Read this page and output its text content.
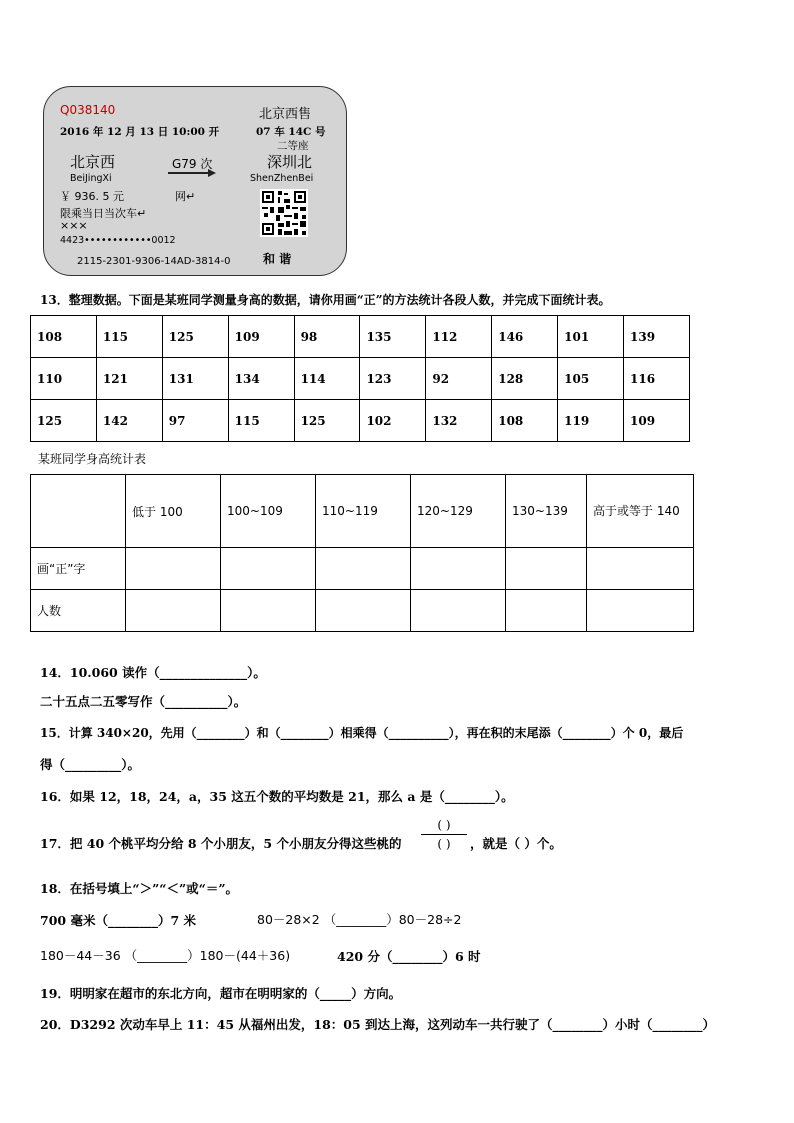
Q038140	北京西售
2016 年 12 月 13 日 10:00 开	07 车 14C 号
二等座
北京西	G79 次	深圳北
BeiJingXi	ShenZhenBei
￥ 936. 5 元	网↵
限乘当日当次车↵
×××
4423••••••••••••0012
2115-2301-9306-14AD-3814-0	和 谐
13．整理数据。下面是某班同学测量身高的数据，请你用画“正”的方法统计各段人数，并完成下面统计表。
108	115	125	109	98	135	112	146	101	139
110	121	131	134	114	123	92	128	105	116
125	142	97	115	125	102	132	108	119	109
某班同学身高统计表
	低于 100	100~109	110~119	120~129	130~139	高于或等于 140
画“正”字						
人数						
14．10.060 读作（______________）。
二十五点二五零写作（__________）。
15．计算 340×20，先用（________）和（________）相乘得（__________），再在积的末尾添（________）个 0，最后
得（_________）。
16．如果 12，18，24，a，35 这五个数的平均数是 21，那么 a 是（________）。
17．把 40 个桃平均分给 8 个小朋友，5 个小朋友分得这些桃的
( )
( )	，就是（ ）个。
18．在括号填上“＞”“＜”或“＝”。
700 毫米（________）7 米	80－28×2 （________）80－28÷2
180－44－36 （________）180－(44＋36)	420 分（________）6 时
19．明明家在超市的东北方向，超市在明明家的（_____）方向。
20．D3292 次动车早上 11：45 从福州出发，18：05 到达上海，这列动车一共行驶了（________）小时（________）
